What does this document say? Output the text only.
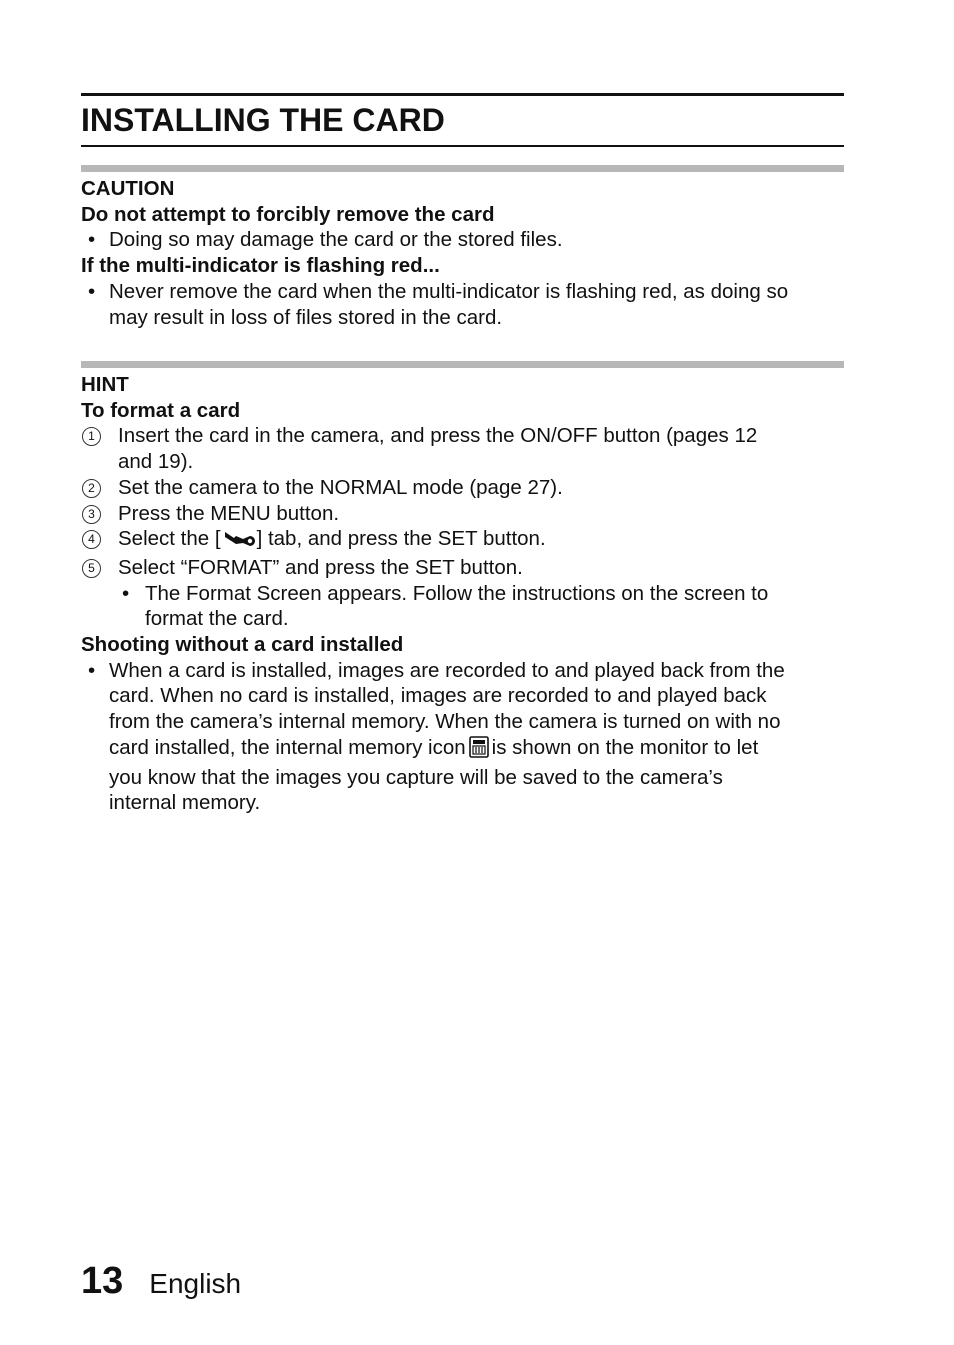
INSTALLING THE CARD
CAUTION
Do not attempt to forcibly remove the card
• Doing so may damage the card or the stored files.
If the multi-indicator is flashing red...
• Never remove the card when the multi-indicator is flashing red, as doing so
may result in loss of files stored in the card.
HINT
To format a card
1	Insert the card in the camera, and press the ON/OFF button (pages 12
and 19).
2	Set the camera to the NORMAL mode (page 27).
3	Press the MENU button.
4	Select the [ ] tab, and press the SET button.
5	Select “FORMAT” and press the SET button.
• The Format Screen appears. Follow the instructions on the screen to
format the card.
Shooting without a card installed
• When a card is installed, images are recorded to and played back from the
card. When no card is installed, images are recorded to and played back
from the camera’s internal memory. When the camera is turned on with no
card installed, the internal memory icon is shown on the monitor to let
you know that the images you capture will be saved to the camera’s
internal memory.
13 English
